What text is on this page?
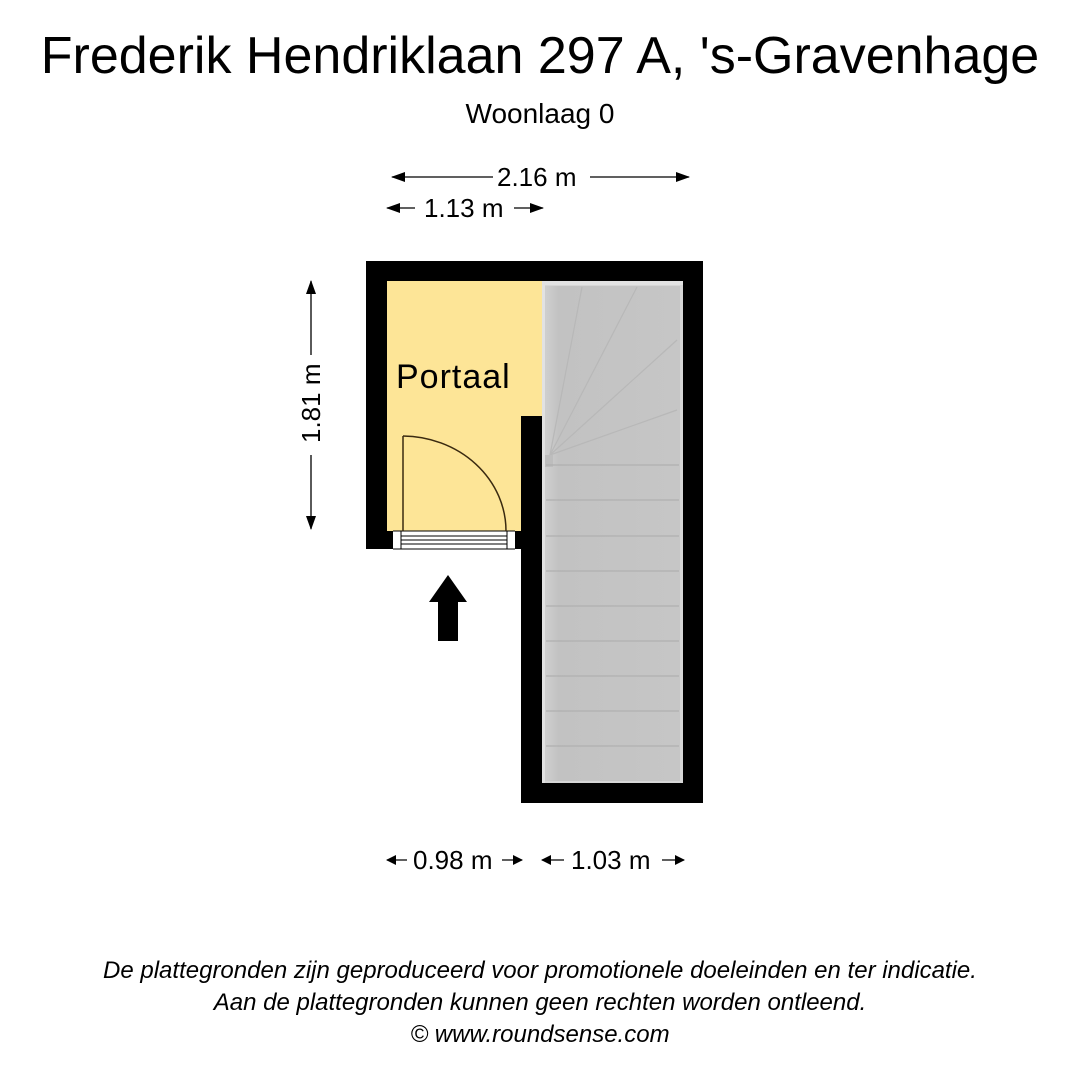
Frederik Hendriklaan 297 A, 's-Gravenhage
Woonlaag 0
2.16 m
1.13 m
1.81 m
0.98 m	1.03 m
Portaal
De plattegronden zijn geproduceerd voor promotionele doeleinden en ter indicatie.
Aan de plattegronden kunnen geen rechten worden ontleend.
© www.roundsense.com
